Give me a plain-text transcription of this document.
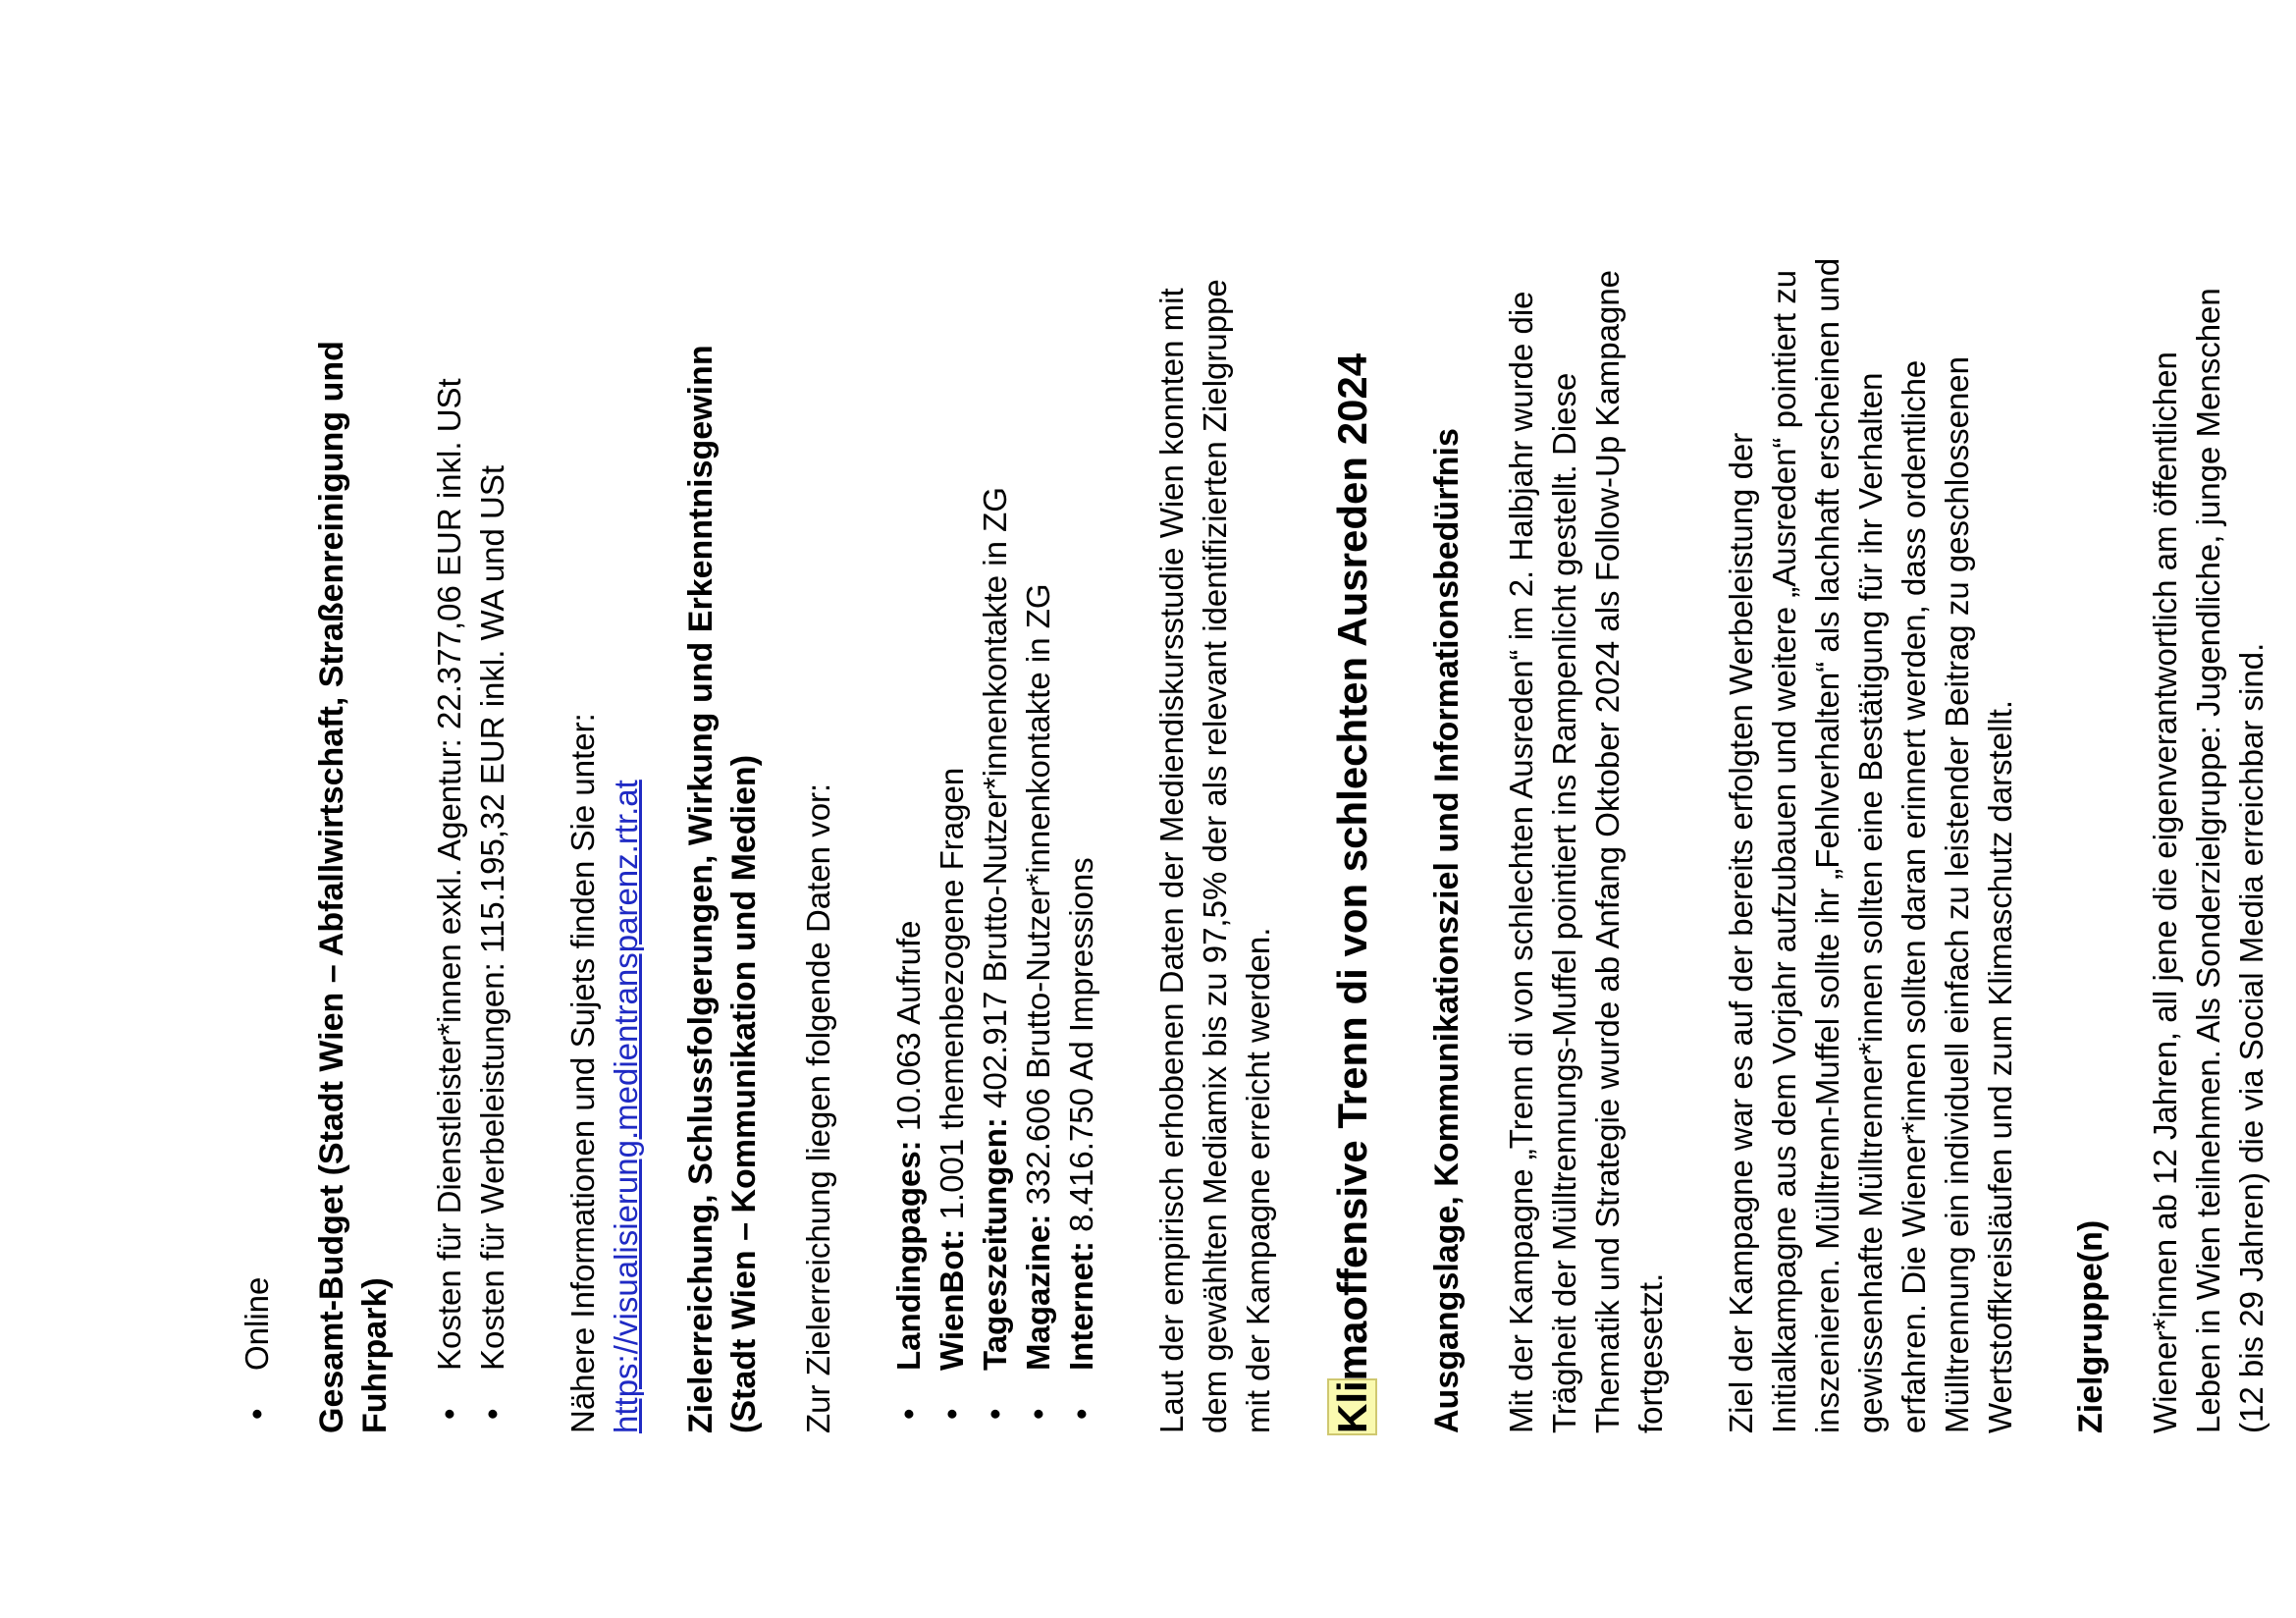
• Online Gesamt-Budget (Stadt Wien – Abfallwirtschaft, Straßenreinigung und Fuhrpark) • Kosten für Dienstleister*innen exkl. Agentur: 22.377,06 EUR inkl. USt • Kosten für Werbeleistungen: 115.195,32 EUR inkl. WA und USt Nähere Informationen und Sujets finden Sie unter: https://visualisierung.medientransparenz.rtr.at Zielerreichung, Schlussfolgerungen, Wirkung und Erkenntnisgewinn (Stadt Wien – Kommunikation und Medien) Zur Zielerreichung liegen folgende Daten vor: • Landingpages: 10.063 Aufrufe
• WienBot: 1.001 themenbezogene Fragen
• Tageszeitungen: 402.917 Brutto-Nutzer*innenkontakte in ZG
• Magazine: 332.606 Brutto-Nutzer*innenkontakte in ZG
• Internet: 8.416.750 Ad Impressions Laut der empirisch erhobenen Daten der Mediendiskursstudie Wien konnten mit dem gewählten Mediamix bis zu 97,5% der als relevant identifizierten Zielgruppe mit der Kampagne erreicht werden. Klimaoffensive Trenn di von schlechten Ausreden 2024 Ausgangslage, Kommunikationsziel und Informationsbedürfnis Mit der Kampagne „Trenn di von schlechten Ausreden“ im 2. Halbjahr wurde die Trägheit der Mülltrennungs-Muffel pointiert ins Rampenlicht gestellt. Diese Thematik und Strategie wurde ab Anfang Oktober 2024 als Follow-Up Kampagne fortgesetzt. Ziel der Kampagne war es auf der bereits erfolgten Werbeleistung der Initialkampagne aus dem Vorjahr aufzubauen und weitere „Ausreden“ pointiert zu inszenieren. Mülltrenn-Muffel sollte ihr „Fehlverhalten“ als lachhaft erscheinen und gewissenhafte Mülltrenner*innen sollten eine Bestätigung für ihr Verhalten erfahren. Die Wiener*innen sollten daran erinnert werden, dass ordentliche Mülltrennung ein individuell einfach zu leistender Beitrag zu geschlossenen Wertstoffkreisläufen und zum Klimaschutz darstellt. Zielgruppe(n) Wiener*innen ab 12 Jahren, all jene die eigenverantwortlich am öffentlichen Leben in Wien teilnehmen. Als Sonderzielgruppe: Jugendliche, junge Menschen (12 bis 29 Jahren) die via Social Media erreichbar sind.
